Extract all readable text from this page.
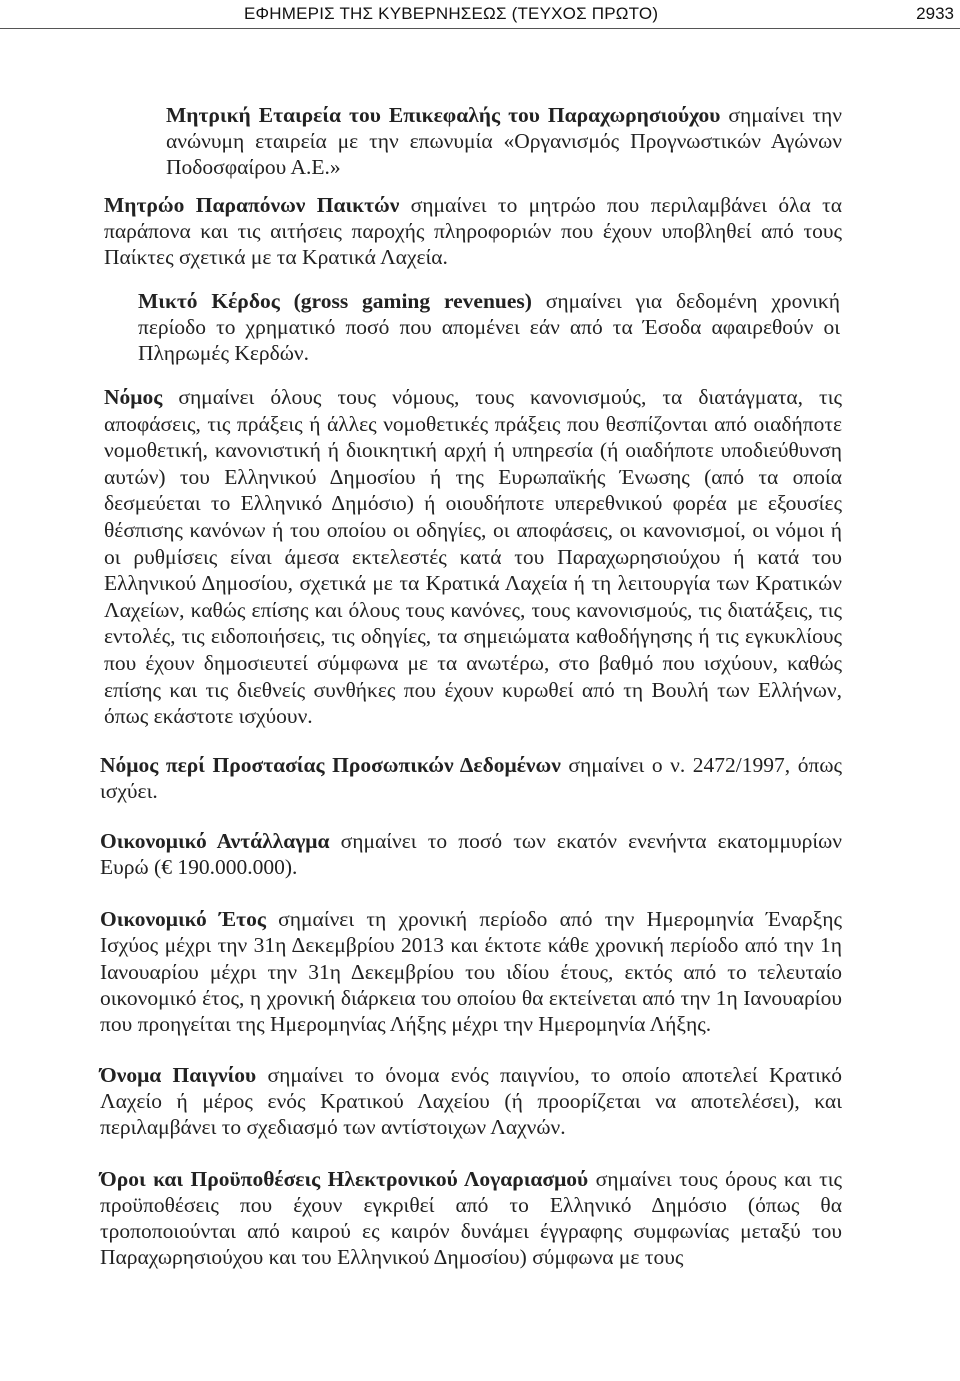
ΕΦΗΜΕΡΙΣ ΤΗΣ ΚΥΒΕΡΝΗΣΕΩΣ (ΤΕΥΧΟΣ ΠΡΩΤΟ)	2933

Μητρική Εταιρεία του Επικεφαλής του Παραχωρησιούχου σημαίνει την ανώνυμη εταιρεία με την επωνυμία «Οργανισμός Προγνωστικών Αγώνων Ποδοσφαίρου Α.Ε.»

Μητρώο Παραπόνων Παικτών σημαίνει το μητρώο που περιλαμβάνει όλα τα παράπονα και τις αιτήσεις παροχής πληροφοριών που έχουν υποβληθεί από τους Παίκτες σχετικά με τα Κρατικά Λαχεία.

Μικτό Κέρδος (gross gaming revenues) σημαίνει για δεδομένη χρονική περίοδο το χρηματικό ποσό που απομένει εάν από τα Έσοδα αφαιρεθούν οι Πληρωμές Κερδών.

Νόμος σημαίνει όλους τους νόμους, τους κανονισμούς, τα διατάγματα, τις αποφάσεις, τις πράξεις ή άλλες νομοθετικές πράξεις που θεσπίζονται από οιαδήποτε νομοθετική, κανονιστική ή διοικητική αρχή ή υπηρεσία (ή οιαδήποτε υποδιεύθυνση αυτών) του Ελληνικού Δημοσίου ή της Ευρωπαϊκής Ένωσης (από τα οποία δεσμεύεται το Ελληνικό Δημόσιο) ή οιουδήποτε υπερεθνικού φορέα με εξουσίες θέσπισης κανόνων ή του οποίου οι οδηγίες, οι αποφάσεις, οι κανονισμοί, οι νόμοι ή οι ρυθμίσεις είναι άμεσα εκτελεστές κατά του Παραχωρησιούχου ή κατά του Ελληνικού Δημοσίου, σχετικά με τα Κρατικά Λαχεία ή τη λειτουργία των Κρατικών Λαχείων, καθώς επίσης και όλους τους κανόνες, τους κανονισμούς, τις διατάξεις, τις εντολές, τις ειδοποιήσεις, τις οδηγίες, τα σημειώματα καθοδήγησης ή τις εγκυκλίους που έχουν δημοσιευτεί σύμφωνα με τα ανωτέρω, στο βαθμό που ισχύουν, καθώς επίσης και τις διεθνείς συνθήκες που έχουν κυρωθεί από τη Βουλή των Ελλήνων, όπως εκάστοτε ισχύουν.

Νόμος περί Προστασίας Προσωπικών Δεδομένων σημαίνει ο ν. 2472/1997, όπως ισχύει.

Οικονομικό Αντάλλαγμα σημαίνει το ποσό των εκατόν ενενήντα εκατομμυρίων Ευρώ (€ 190.000.000).

Οικονομικό Έτος σημαίνει τη χρονική περίοδο από την Ημερομηνία Έναρξης Ισχύος μέχρι την 31η Δεκεμβρίου 2013 και έκτοτε κάθε χρονική περίοδο από την 1η Ιανουαρίου μέχρι την 31η Δεκεμβρίου του ιδίου έτους, εκτός από το τελευταίο οικονομικό έτος, η χρονική διάρκεια του οποίου θα εκτείνεται από την 1η Ιανουαρίου που προηγείται της Ημερομηνίας Λήξης μέχρι την Ημερομηνία Λήξης.

Όνομα Παιγνίου σημαίνει το όνομα ενός παιγνίου, το οποίο αποτελεί Κρατικό Λαχείο ή μέρος ενός Κρατικού Λαχείου (ή προορίζεται να αποτελέσει), και περιλαμβάνει το σχεδιασμό των αντίστοιχων Λαχνών.

Όροι και Προϋποθέσεις Ηλεκτρονικού Λογαριασμού σημαίνει τους όρους και τις προϋποθέσεις που έχουν εγκριθεί από το Ελληνικό Δημόσιο (όπως θα τροποποιούνται από καιρού ες καιρόν δυνάμει έγγραφης συμφωνίας μεταξύ του Παραχωρησιούχου και του Ελληνικού Δημοσίου) σύμφωνα με τους
